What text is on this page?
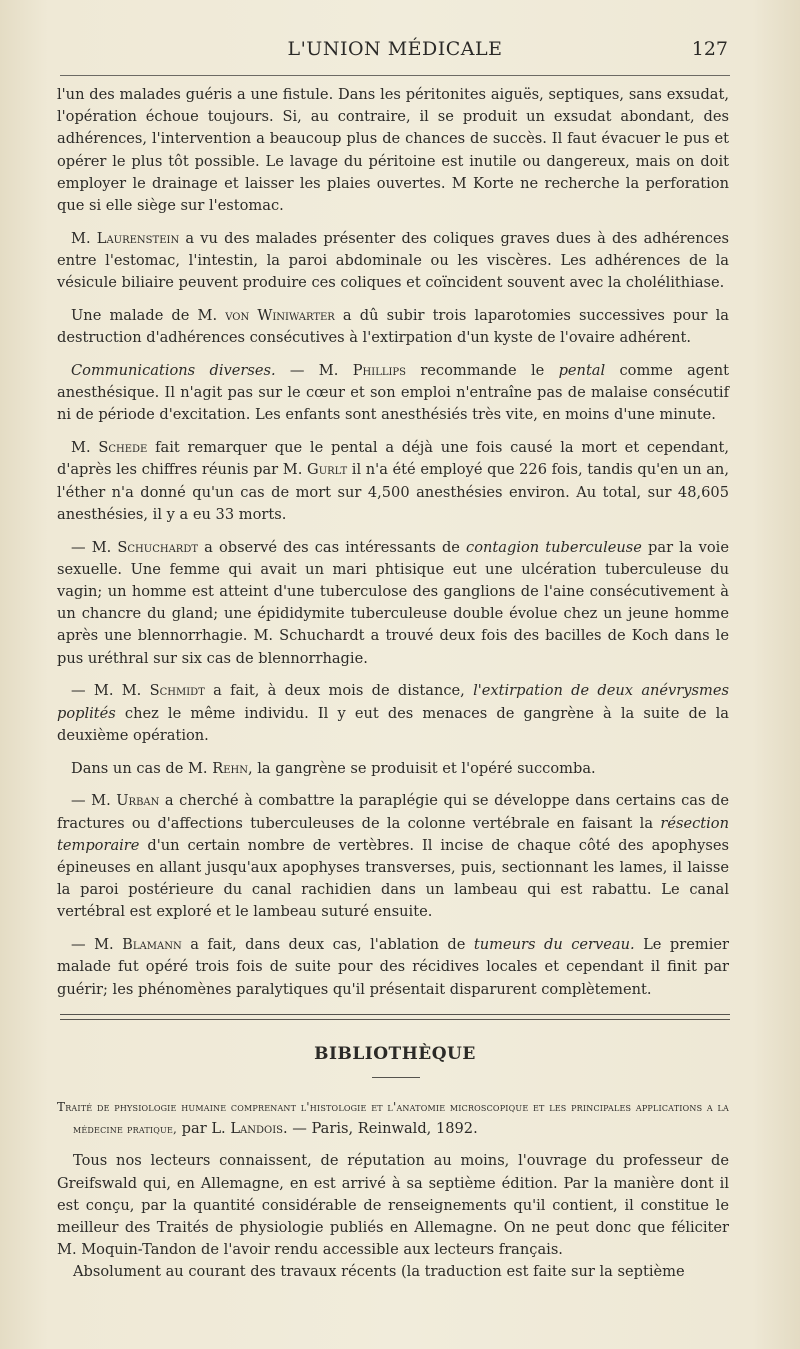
L'UNION MÉDICALE	127

l'un des malades guéris a une fistule. Dans les péritonites aiguës, septiques, sans exsudat, l'opération échoue toujours. Si, au contraire, il se produit un exsudat abondant, des adhérences, l'intervention a beaucoup plus de chances de succès. Il faut évacuer le pus et opérer le plus tôt possible. Le lavage du péritoine est inutile ou dangereux, mais on doit employer le drainage et laisser les plaies ouvertes. M Korte ne recherche la perforation que si elle siège sur l'estomac.

M. Laurenstein a vu des malades présenter des coliques graves dues à des adhérences entre l'estomac, l'intestin, la paroi abdominale ou les viscères. Les adhérences de la vésicule biliaire peuvent produire ces coliques et coïncident souvent avec la cholélithiase.

Une malade de M. von Winiwarter a dû subir trois laparotomies successives pour la destruction d'adhérences consécutives à l'extirpation d'un kyste de l'ovaire adhérent.

Communications diverses. — M. Phillips recommande le pental comme agent anesthésique. Il n'agit pas sur le cœur et son emploi n'entraîne pas de malaise consécutif ni de période d'excitation. Les enfants sont anesthésiés très vite, en moins d'une minute.

M. Schede fait remarquer que le pental a déjà une fois causé la mort et cependant, d'après les chiffres réunis par M. Gurlt il n'a été employé que 226 fois, tandis qu'en un an, l'éther n'a donné qu'un cas de mort sur 4,500 anesthésies environ. Au total, sur 48,605 anesthésies, il y a eu 33 morts.

— M. Schuchardt a observé des cas intéressants de contagion tuberculeuse par la voie sexuelle. Une femme qui avait un mari phtisique eut une ulcération tuberculeuse du vagin; un homme est atteint d'une tuberculose des ganglions de l'aine consécutivement à un chancre du gland; une épididymite tuberculeuse double évolue chez un jeune homme après une blennorrhagie. M. Schuchardt a trouvé deux fois des bacilles de Koch dans le pus uréthral sur six cas de blennorrhagie.

— M. M. Schmidt a fait, à deux mois de distance, l'extirpation de deux anévrysmes poplités chez le même individu. Il y eut des menaces de gangrène à la suite de la deuxième opération.

Dans un cas de M. Rehn, la gangrène se produisit et l'opéré succomba.

— M. Urban a cherché à combattre la paraplégie qui se développe dans certains cas de fractures ou d'affections tuberculeuses de la colonne vertébrale en faisant la résection temporaire d'un certain nombre de vertèbres. Il incise de chaque côté des apophyses épineuses en allant jusqu'aux apophyses transverses, puis, sectionnant les lames, il laisse la paroi postérieure du canal rachidien dans un lambeau qui est rabattu. Le canal vertébral est exploré et le lambeau suturé ensuite.

— M. Blamann a fait, dans deux cas, l'ablation de tumeurs du cerveau. Le premier malade fut opéré trois fois de suite pour des récidives locales et cependant il finit par guérir; les phénomènes paralytiques qu'il présentait disparurent complètement.

BIBLIOTHÈQUE

Traité de physiologie humaine comprenant l'histologie et l'anatomie microscopique et les principales applications a la médecine pratique, par L. Landois. — Paris, Reinwald, 1892.

Tous nos lecteurs connaissent, de réputation au moins, l'ouvrage du professeur de Greifswald qui, en Allemagne, en est arrivé à sa septième édition. Par la manière dont il est conçu, par la quantité considérable de renseignements qu'il contient, il constitue le meilleur des Traités de physiologie publiés en Allemagne. On ne peut donc que féliciter M. Moquin-Tandon de l'avoir rendu accessible aux lecteurs français.

Absolument au courant des travaux récents (la traduction est faite sur la septième
